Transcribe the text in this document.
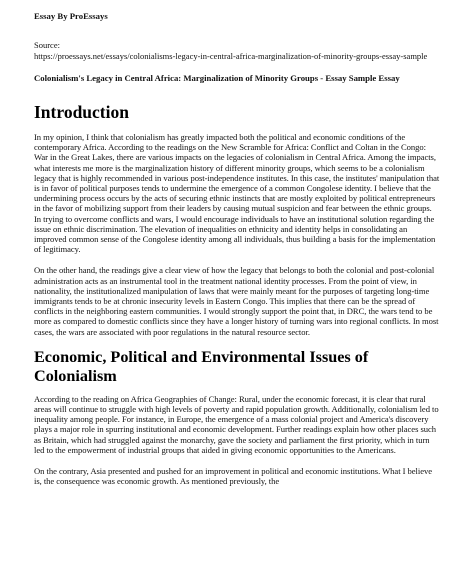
Essay By ProEssays
Source:
https://proessays.net/essays/colonialisms-legacy-in-central-africa-marginalization-of-minority-groups-essay-sample
Colonialism's Legacy in Central Africa: Marginalization of Minority Groups - Essay Sample Essay
Introduction

In my opinion, I think that colonialism has greatly impacted both the political and economic conditions of the contemporary Africa. According to the readings on the New Scramble for Africa: Conflict and Coltan in the Congo: War in the Great Lakes, there are various impacts on the legacies of colonialism in Central Africa. Among the impacts, what interests me more is the marginalization history of different minority groups, which seems to be a colonialism legacy that is highly recommended in various post-independence institutes. In this case, the institutes' manipulation that is in favor of political purposes tends to undermine the emergence of a common Congolese identity. I believe that the undermining process occurs by the acts of securing ethnic instincts that are mostly exploited by political entrepreneurs in the favor of mobilizing support from their leaders by causing mutual suspicion and fear between the ethnic groups. In trying to overcome conflicts and wars, I would encourage individuals to have an institutional solution regarding the issue on ethnic discrimination. The elevation of inequalities on ethnicity and identity helps in consolidating an improved common sense of the Congolese identity among all individuals, thus building a basis for the implementation of legitimacy.

On the other hand, the readings give a clear view of how the legacy that belongs to both the colonial and post-colonial administration acts as an instrumental tool in the treatment national identity processes. From the point of view, in nationality, the institutionalized manipulation of laws that were mainly meant for the purposes of targeting long-time immigrants tends to be at chronic insecurity levels in Eastern Congo. This implies that there can be the spread of conflicts in the neighboring eastern communities. I would strongly support the point that, in DRC, the wars tend to be more as compared to domestic conflicts since they have a longer history of turning wars into regional conflicts. In most cases, the wars are associated with poor regulations in the natural resource sector.

Economic, Political and Environmental Issues of Colonialism

According to the reading on Africa Geographies of Change: Rural, under the economic forecast, it is clear that rural areas will continue to struggle with high levels of poverty and rapid population growth. Additionally, colonialism led to inequality among people. For instance, in Europe, the emergence of a mass colonial project and America's discovery plays a major role in spurring institutional and economic development. Further readings explain how other places such as Britain, which had struggled against the monarchy, gave the society and parliament the first priority, which in turn led to the empowerment of industrial groups that aided in giving economic opportunities to the Americans.

On the contrary, Asia presented and pushed for an improvement in political and economic institutions. What I believe is, the consequence was economic growth. As mentioned previously, the
